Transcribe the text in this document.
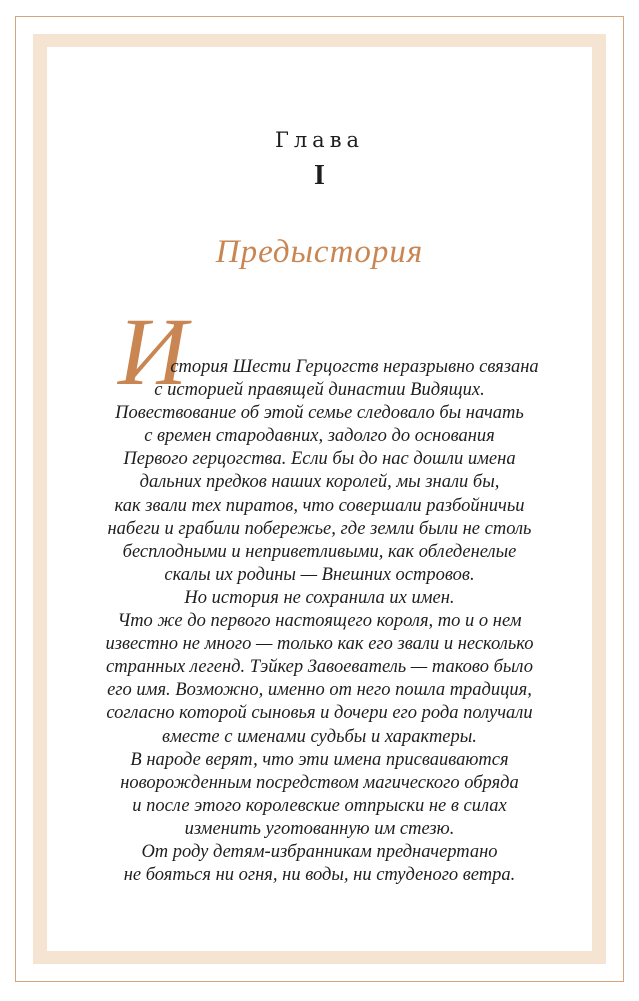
Глава
I
Предыстория
И
стория Шести Герцогств неразрывно связана
с историей правящей династии Видящих.
Повествование об этой семье следовало бы начать
с времен стародавних, задолго до основания
Первого герцогства. Если бы до нас дошли имена
дальних предков наших королей, мы знали бы,
как звали тех пиратов, что совершали разбойничьи
набеги и грабили побережье, где земли были не столь
бесплодными и неприветливыми, как обледенелые
скалы их родины — Внешних островов.
Но история не сохранила их имен.
Что же до первого настоящего короля, то и о нем
известно не много — только как его звали и несколько
странных легенд. Тэйкер Завоеватель — таково было
его имя. Возможно, именно от него пошла традиция,
согласно которой сыновья и дочери его рода получали
вместе с именами судьбы и характеры.
В народе верят, что эти имена присваиваются
новорожденным посредством магического обряда
и после этого королевские отпрыски не в силах
изменить уготованную им стезю.
От роду детям-избранникам предначертано
не бояться ни огня, ни воды, ни студеного ветра.
